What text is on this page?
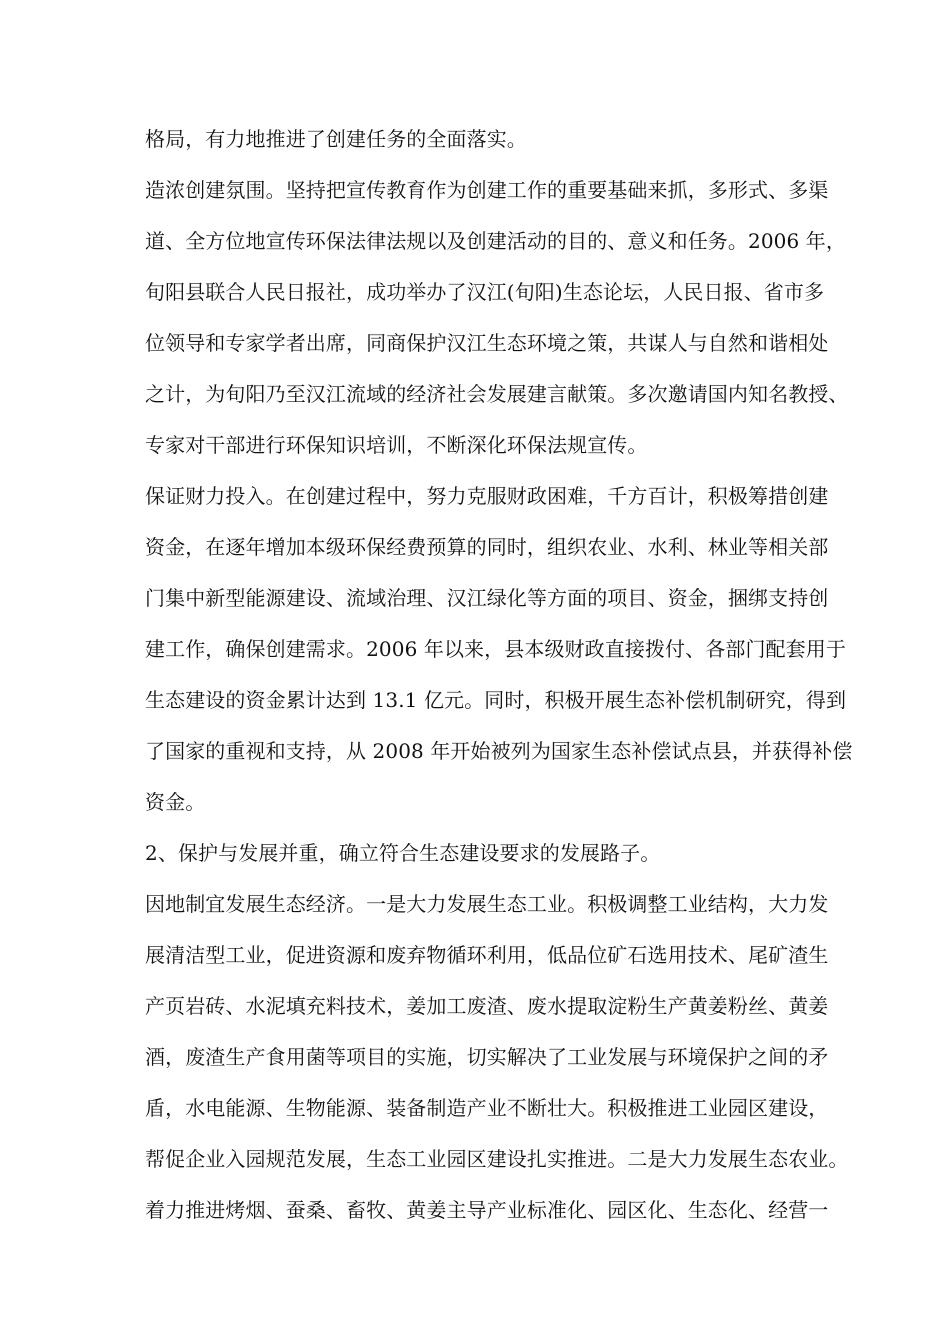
格局，有力地推进了创建任务的全面落实。
造浓创建氛围。坚持把宣传教育作为创建工作的重要基础来抓，多形式、多渠
道、全方位地宣传环保法律法规以及创建活动的目的、意义和任务。2006 年，
旬阳县联合人民日报社，成功举办了汉江(旬阳)生态论坛，人民日报、省市多
位领导和专家学者出席，同商保护汉江生态环境之策，共谋人与自然和谐相处
之计，为旬阳乃至汉江流域的经济社会发展建言献策。多次邀请国内知名教授、
专家对干部进行环保知识培训，不断深化环保法规宣传。
保证财力投入。在创建过程中，努力克服财政困难，千方百计，积极筹措创建
资金，在逐年增加本级环保经费预算的同时，组织农业、水利、林业等相关部
门集中新型能源建设、流域治理、汉江绿化等方面的项目、资金，捆绑支持创
建工作，确保创建需求。2006 年以来，县本级财政直接拨付、各部门配套用于
生态建设的资金累计达到 13.1 亿元。同时，积极开展生态补偿机制研究，得到
了国家的重视和支持，从 2008 年开始被列为国家生态补偿试点县，并获得补偿
资金。
2、保护与发展并重，确立符合生态建设要求的发展路子。
因地制宜发展生态经济。一是大力发展生态工业。积极调整工业结构，大力发
展清洁型工业，促进资源和废弃物循环利用，低品位矿石选用技术、尾矿渣生
产页岩砖、水泥填充料技术，姜加工废渣、废水提取淀粉生产黄姜粉丝、黄姜
酒，废渣生产食用菌等项目的实施，切实解决了工业发展与环境保护之间的矛
盾，水电能源、生物能源、装备制造产业不断壮大。积极推进工业园区建设，
帮促企业入园规范发展，生态工业园区建设扎实推进。二是大力发展生态农业。
着力推进烤烟、蚕桑、畜牧、黄姜主导产业标准化、园区化、生态化、经营一
